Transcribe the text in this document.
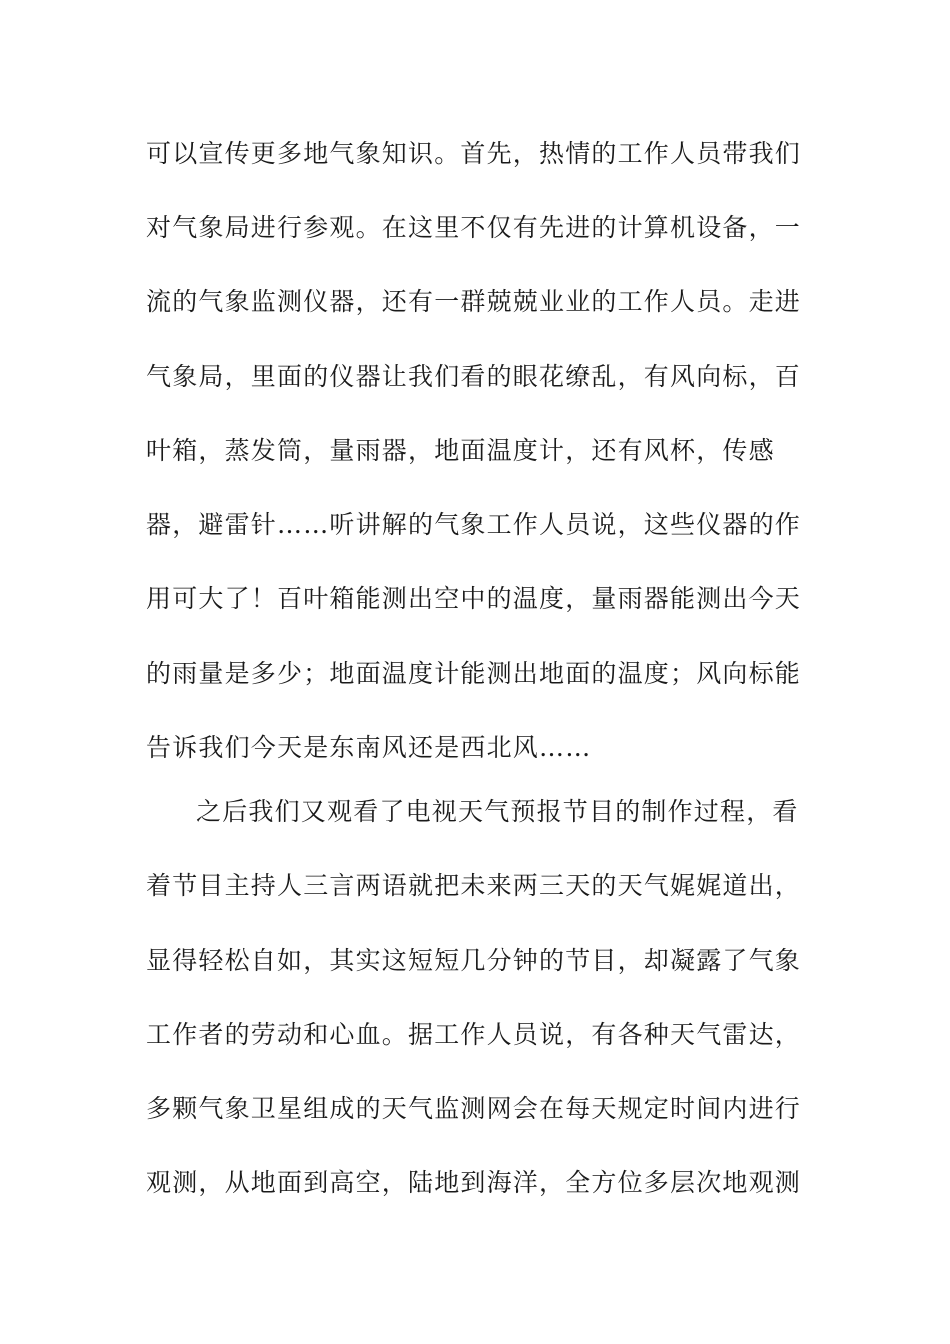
可以宣传更多地气象知识。首先，热情的工作人员带我们
对气象局进行参观。在这里不仅有先进的计算机设备，一
流的气象监测仪器，还有一群兢兢业业的工作人员。走进
气象局，里面的仪器让我们看的眼花缭乱，有风向标，百
叶箱，蒸发筒，量雨器，地面温度计，还有风杯，传感
器，避雷针……听讲解的气象工作人员说，这些仪器的作
用可大了！百叶箱能测出空中的温度，量雨器能测出今天
的雨量是多少；地面温度计能测出地面的温度；风向标能
告诉我们今天是东南风还是西北风……
之后我们又观看了电视天气预报节目的制作过程，看
着节目主持人三言两语就把未来两三天的天气娓娓道出，
显得轻松自如，其实这短短几分钟的节目，却凝露了气象
工作者的劳动和心血。据工作人员说，有各种天气雷达，
多颗气象卫星组成的天气监测网会在每天规定时间内进行
观测，从地面到高空，陆地到海洋，全方位多层次地观测
